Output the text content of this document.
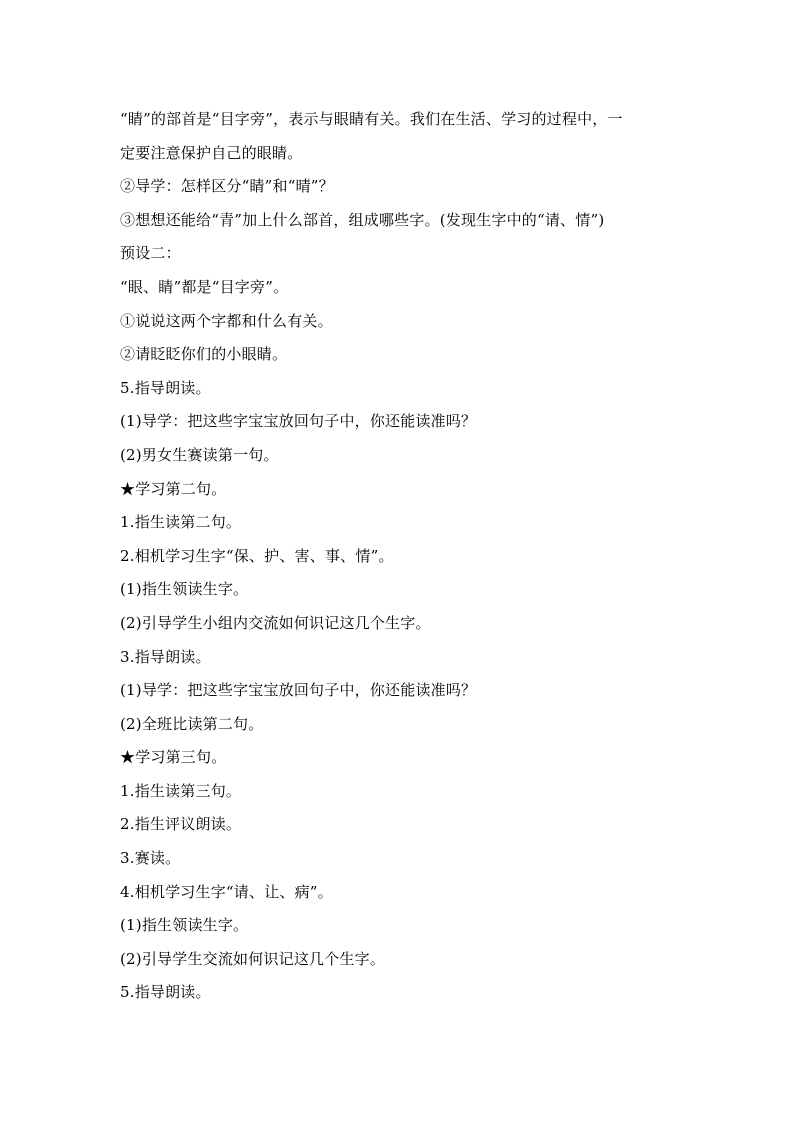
“睛”的部首是“目字旁”，表示与眼睛有关。我们在生活、学习的过程中，一
定要注意保护自己的眼睛。
②导学：怎样区分“睛”和“晴”？
③想想还能给“青”加上什么部首，组成哪些字。(发现生字中的“请、情”)
预设二：
“眼、睛”都是“目字旁”。
①说说这两个字都和什么有关。
②请眨眨你们的小眼睛。
5.指导朗读。
(1)导学：把这些字宝宝放回句子中，你还能读准吗？
(2)男女生赛读第一句。
★学习第二句。
1.指生读第二句。
2.相机学习生字“保、护、害、事、情”。
(1)指生领读生字。
(2)引导学生小组内交流如何识记这几个生字。
3.指导朗读。
(1)导学：把这些字宝宝放回句子中，你还能读准吗？
(2)全班比读第二句。
★学习第三句。
1.指生读第三句。
2.指生评议朗读。
3.赛读。
4.相机学习生字“请、让、病”。
(1)指生领读生字。
(2)引导学生交流如何识记这几个生字。
5.指导朗读。
